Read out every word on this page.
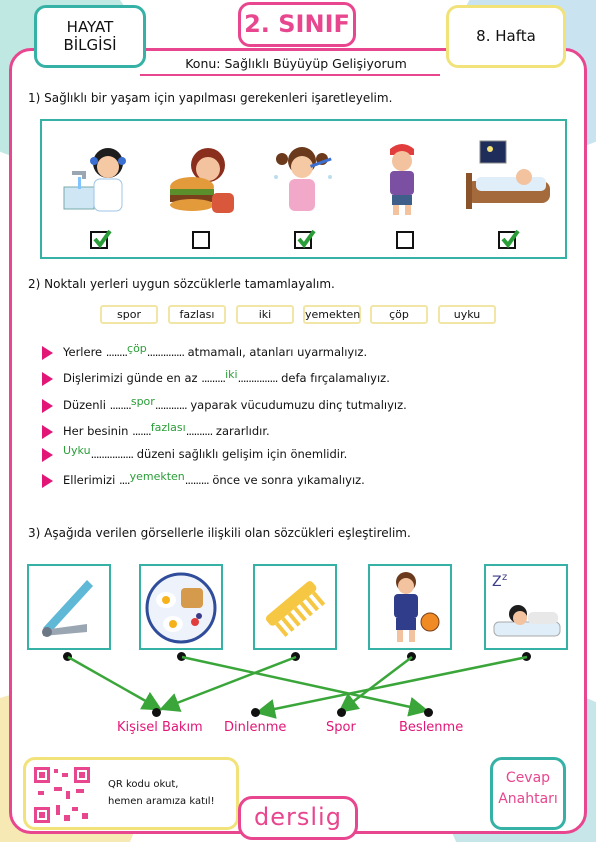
HAYAT
BİLGİSİ
2. SINIF	8. Hafta
Konu: Sağlıklı Büyüyüp Gelişiyorum
1) Sağlıklı bir yaşam için yapılması gerekenleri işaretleyelim.
2) Noktalı yerleri uygun sözcüklerle tamamlayalım.
spor	fazlası	iki	yemekten	çöp	uyku
Yerlere ........çöp.............. atmamalı, atanları uyarmalıyız.
Dişlerimizi günde en az .........iki............... defa fırçalamalıyız.
Düzenli ........spor............ yaparak vücudumuzu dinç tutmalıyız.
Her besinin .......fazlası.......... zararlıdır.
Uyku................ düzeni sağlıklı gelişim için önemlidir.
Ellerimizi ....yemekten......... önce ve sonra yıkamalıyız.
3) Aşağıda verilen görsellerle ilişkili olan sözcükleri eşleştirelim.
Z z
Kişisel Bakım Dinlenme	Spor	Beslenme
QR kodu okut,
hemen aramıza katıl!
derslig
Cevap
Anahtarı
